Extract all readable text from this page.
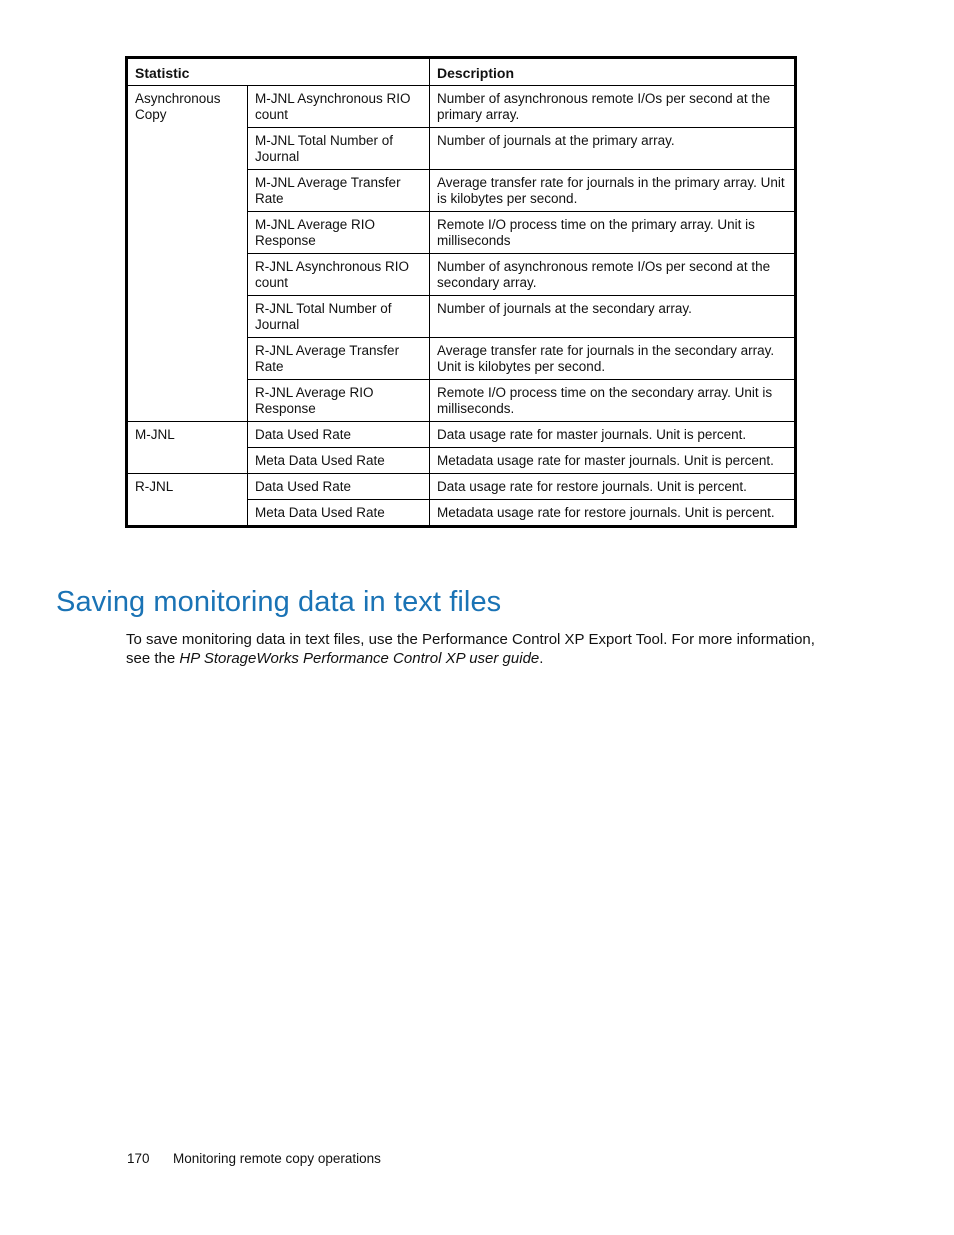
Statistic		Description
Asynchronous Copy	M-JNL Asynchronous RIO count	Number of asynchronous remote I/Os per second at the primary array.
	M-JNL Total Number of Journal	Number of journals at the primary array.
	M-JNL Average Transfer Rate	Average transfer rate for journals in the primary array. Unit is kilobytes per second.
	M-JNL Average RIO Response	Remote I/O process time on the primary array. Unit is milliseconds
	R-JNL Asynchronous RIO count	Number of asynchronous remote I/Os per second at the secondary array.
	R-JNL Total Number of Journal	Number of journals at the secondary array.
	R-JNL Average Transfer Rate	Average transfer rate for journals in the secondary array. Unit is kilobytes per second.
	R-JNL Average RIO Response	Remote I/O process time on the secondary array. Unit is milliseconds.
M-JNL	Data Used Rate	Data usage rate for master journals. Unit is percent.
	Meta Data Used Rate	Metadata usage rate for master journals. Unit is percent.
R-JNL	Data Used Rate	Data usage rate for restore journals. Unit is percent.
	Meta Data Used Rate	Metadata usage rate for restore journals. Unit is percent.
Saving monitoring data in text files

To save monitoring data in text files, use the Performance Control XP Export Tool. For more information, see the HP StorageWorks Performance Control XP user guide.

170 Monitoring remote copy operations
